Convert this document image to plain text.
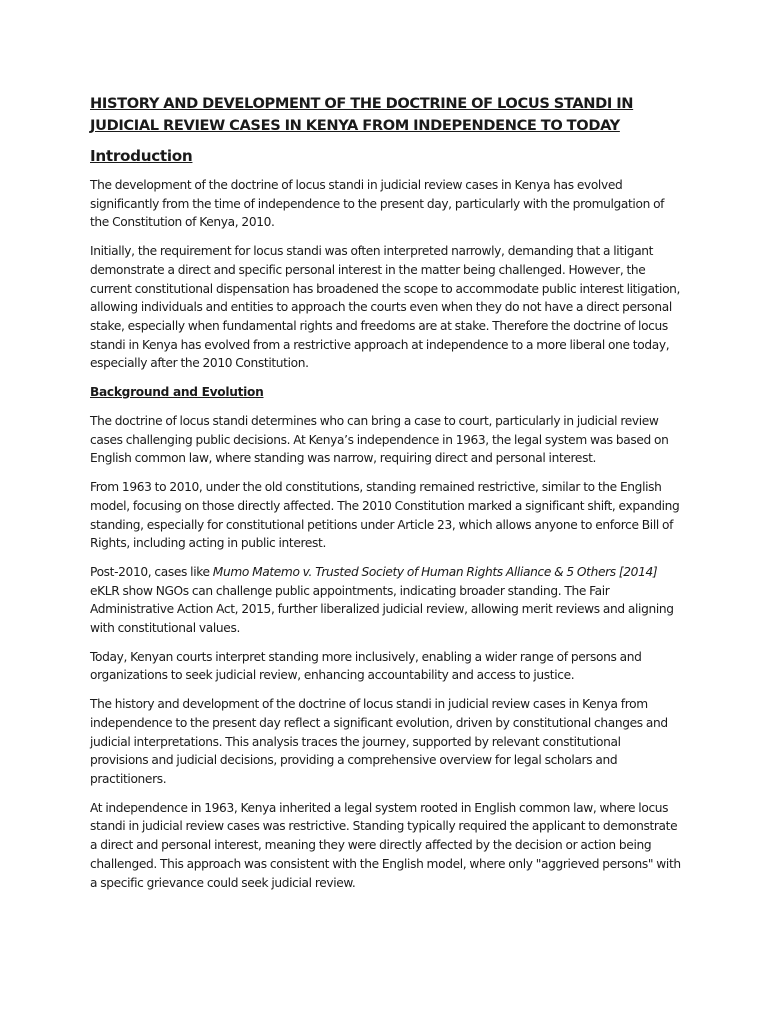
HISTORY AND DEVELOPMENT OF THE DOCTRINE OF LOCUS STANDI IN JUDICIAL REVIEW CASES IN KENYA FROM INDEPENDENCE TO TODAY
Introduction

The development of the doctrine of locus standi in judicial review cases in Kenya has evolved significantly from the time of independence to the present day, particularly with the promulgation of the Constitution of Kenya, 2010.

Initially, the requirement for locus standi was often interpreted narrowly, demanding that a litigant demonstrate a direct and specific personal interest in the matter being challenged. However, the current constitutional dispensation has broadened the scope to accommodate public interest litigation, allowing individuals and entities to approach the courts even when they do not have a direct personal stake, especially when fundamental rights and freedoms are at stake. Therefore the doctrine of locus standi in Kenya has evolved from a restrictive approach at independence to a more liberal one today, especially after the 2010 Constitution.

Background and Evolution

The doctrine of locus standi determines who can bring a case to court, particularly in judicial review cases challenging public decisions. At Kenya’s independence in 1963, the legal system was based on English common law, where standing was narrow, requiring direct and personal interest.

From 1963 to 2010, under the old constitutions, standing remained restrictive, similar to the English model, focusing on those directly affected. The 2010 Constitution marked a significant shift, expanding standing, especially for constitutional petitions under Article 23, which allows anyone to enforce Bill of Rights, including acting in public interest.

Post-2010, cases like Mumo Matemo v. Trusted Society of Human Rights Alliance & 5 Others [2014] eKLR show NGOs can challenge public appointments, indicating broader standing. The Fair Administrative Action Act, 2015, further liberalized judicial review, allowing merit reviews and aligning with constitutional values.

Today, Kenyan courts interpret standing more inclusively, enabling a wider range of persons and organizations to seek judicial review, enhancing accountability and access to justice.

The history and development of the doctrine of locus standi in judicial review cases in Kenya from independence to the present day reflect a significant evolution, driven by constitutional changes and judicial interpretations. This analysis traces the journey, supported by relevant constitutional provisions and judicial decisions, providing a comprehensive overview for legal scholars and practitioners.

At independence in 1963, Kenya inherited a legal system rooted in English common law, where locus standi in judicial review cases was restrictive. Standing typically required the applicant to demonstrate a direct and personal interest, meaning they were directly affected by the decision or action being challenged. This approach was consistent with the English model, where only "aggrieved persons" with a specific grievance could seek judicial review.
